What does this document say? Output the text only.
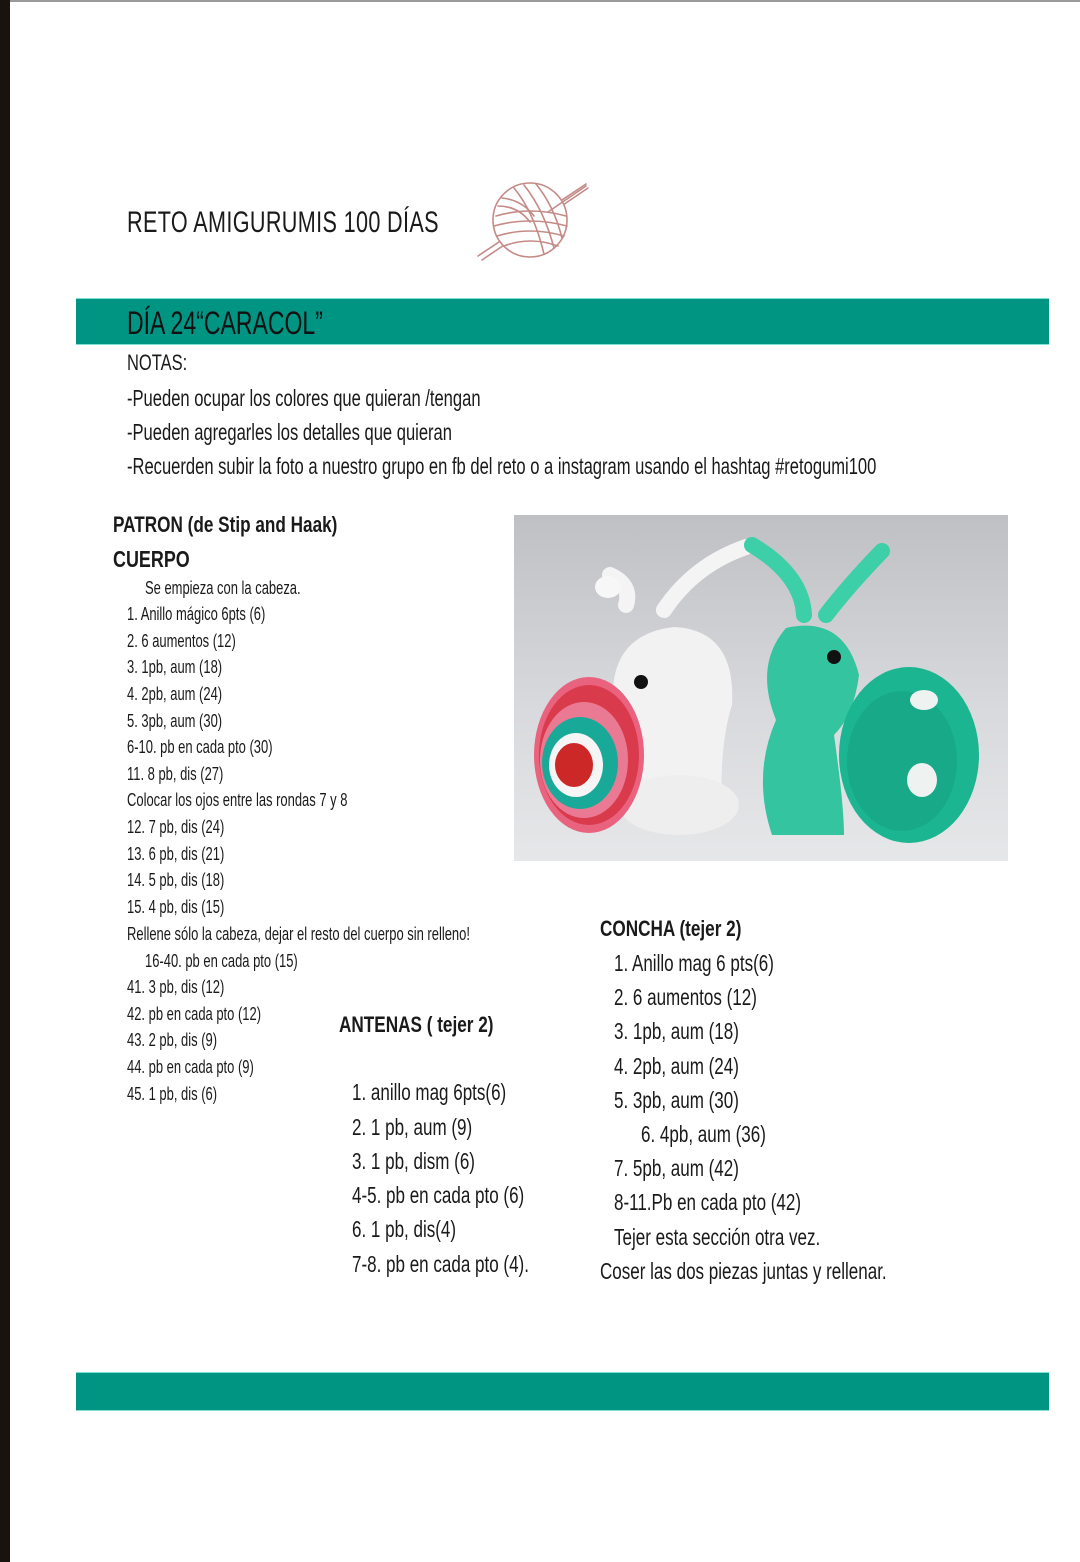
RETO AMIGURUMIS 100 DÍAS
DÍA 24“CARACOL”
NOTAS:
-Pueden ocupar los colores que quieran /tengan
-Pueden agregarles los detalles que quieran
-Recuerden subir la foto a nuestro grupo en fb del reto o a instagram usando el hashtag #retogumi100
PATRON (de Stip and Haak)
CUERPO
Se empieza con la cabeza.
1. Anillo mágico 6pts (6)
2. 6 aumentos (12)
3. 1pb, aum (18)
4. 2pb, aum (24)
5. 3pb, aum (30)
6-10. pb en cada pto (30)
11. 8 pb, dis (27)
Colocar los ojos entre las rondas 7 y 8
12. 7 pb, dis (24)
13. 6 pb, dis (21)
14. 5 pb, dis (18)
15. 4 pb, dis (15)
Rellene sólo la cabeza, dejar el resto del cuerpo sin relleno!
16-40. pb en cada pto (15)
41. 3 pb, dis (12)
42. pb en cada pto (12)
43. 2 pb, dis (9)
44. pb en cada pto (9)
45. 1 pb, dis (6)
ANTENAS ( tejer 2)
1. anillo mag 6pts(6)
2. 1 pb, aum (9)
3. 1 pb, dism (6)
4-5. pb en cada pto (6)
6. 1 pb, dis(4)
7-8. pb en cada pto (4).
CONCHA (tejer 2)
1. Anillo mag 6 pts(6)
2. 6 aumentos (12)
3. 1pb, aum (18)
4. 2pb, aum (24)
5. 3pb, aum (30)
6. 4pb, aum (36)
7. 5pb, aum (42)
8-11.Pb en cada pto (42)
Tejer esta sección otra vez.
Coser las dos piezas juntas y rellenar.
